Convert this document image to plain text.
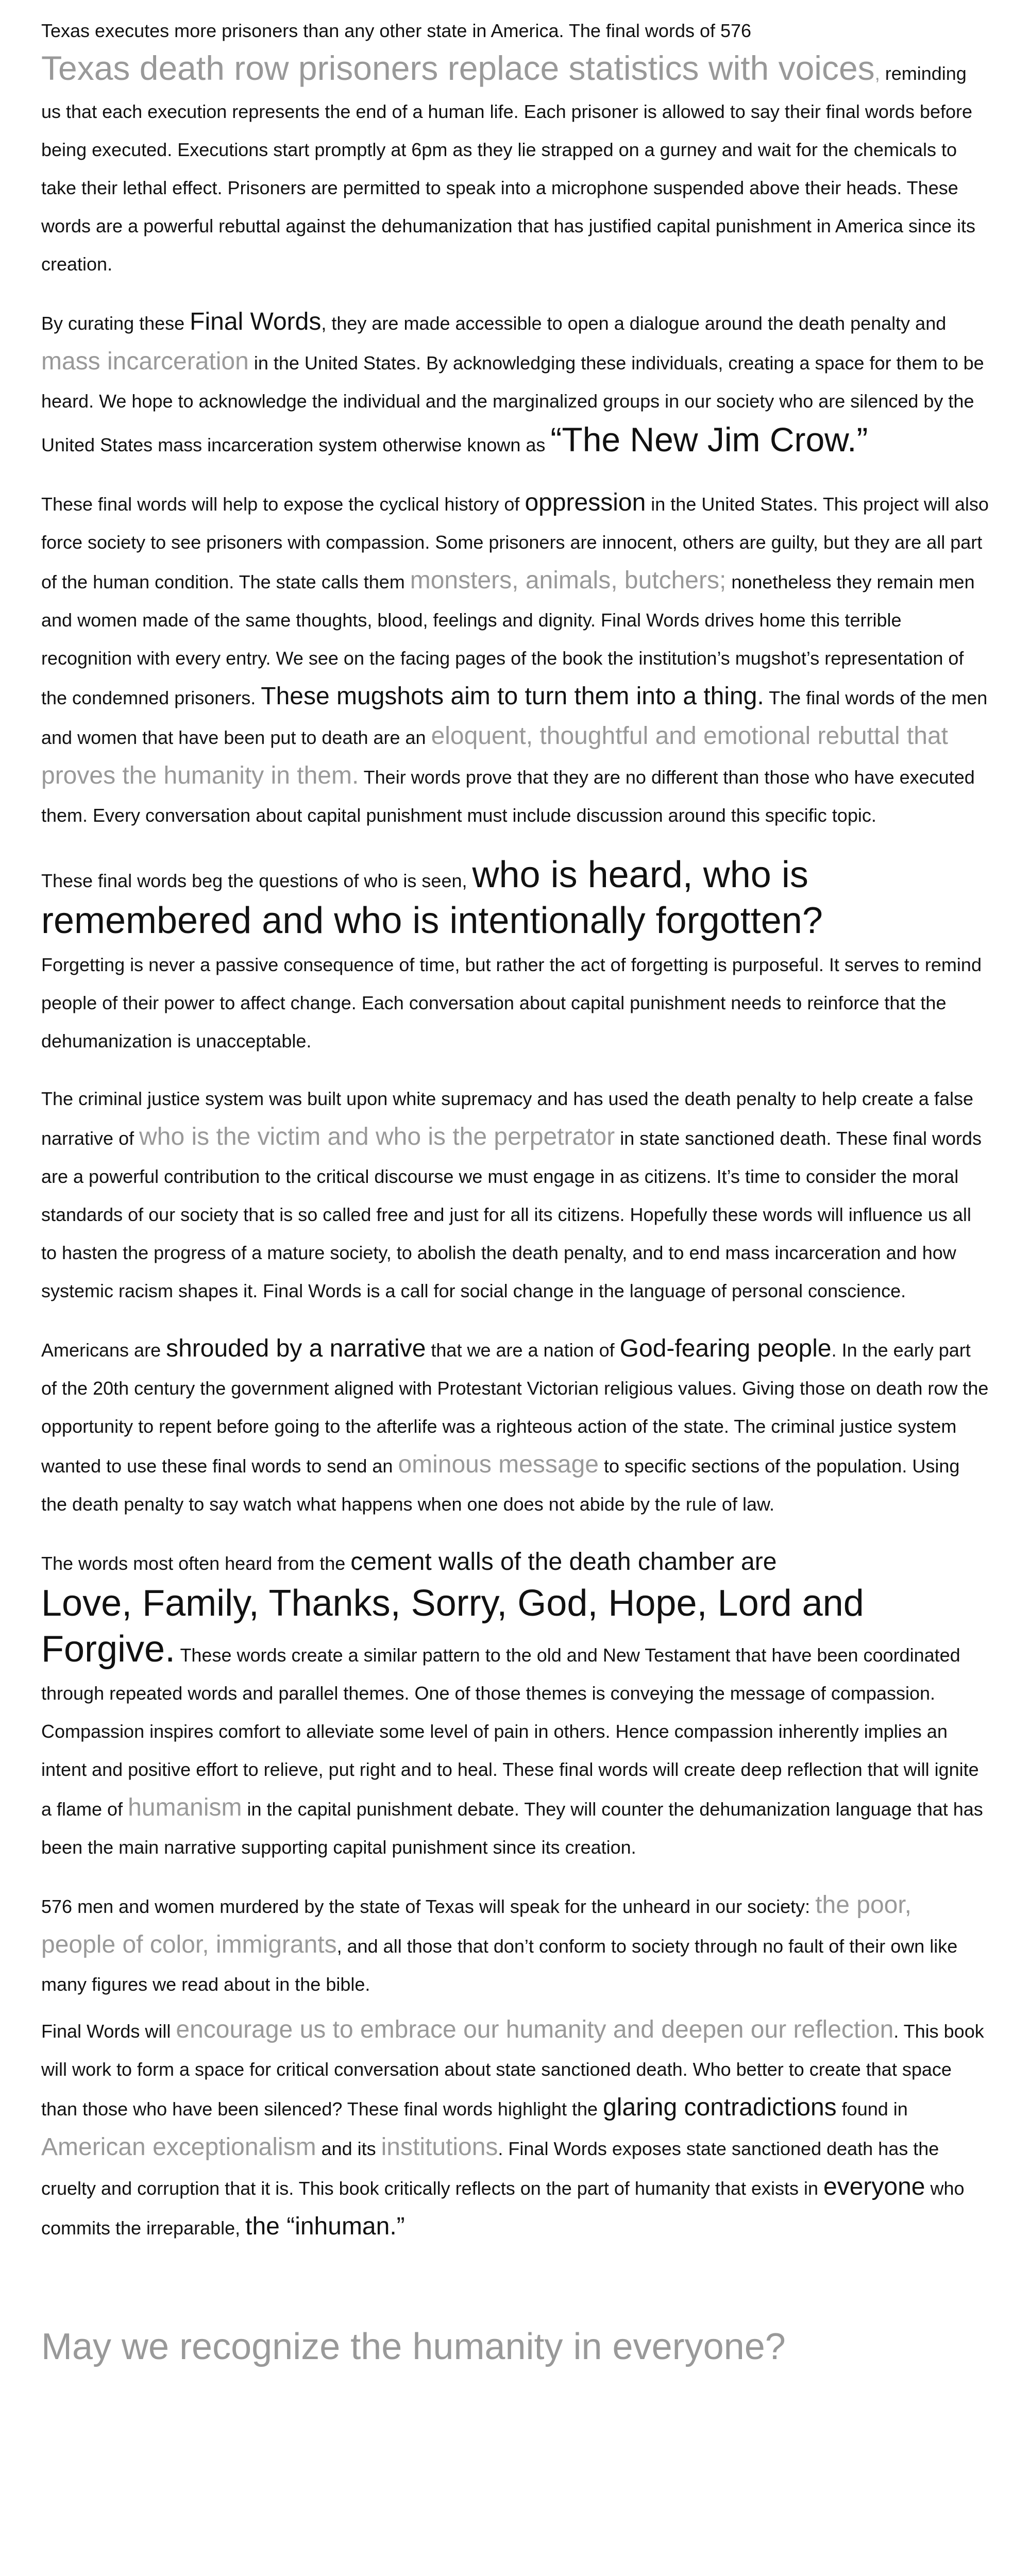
Texas executes more prisoners than any other state in America. The final words of 576

Texas death row prisoners replace statistics with voices, reminding us that each execution represents the end of a human life. Each prisoner is allowed to say their final words before being executed. Executions start promptly at 6pm as they lie strapped on a gurney and wait for the chemicals to take their lethal effect. Prisoners are permitted to speak into a microphone suspended above their heads. These words are a powerful rebuttal against the dehumanization that has justified capital punishment in America since its creation.

By curating these Final Words, they are made accessible to open a dialogue around the death penalty and mass incarceration in the United States. By acknowledging these individuals, creating a space for them to be heard. We hope to acknowledge the individual and the marginalized groups in our society who are silenced by the United States mass incarceration system otherwise known as “The New Jim Crow.”

These final words will help to expose the cyclical history of oppression in the United States. This project will also force society to see prisoners with compassion. Some prisoners are innocent, others are guilty, but they are all part of the human condition. The state calls them monsters, animals, butchers; nonetheless they remain men and women made of the same thoughts, blood, feelings and dignity. Final Words drives home this terrible recognition with every entry. We see on the facing pages of the book the institution’s mugshot’s representation of the condemned prisoners. These mugshots aim to turn them into a thing. The final words of the men and women that have been put to death are an eloquent, thoughtful and emotional rebuttal that proves the humanity in them. Their words prove that they are no different than those who have executed them. Every conversation about capital punishment must include discussion around this specific topic.

These final words beg the questions of who is seen, who is heard, who is remembered and who is intentionally forgotten?
Forgetting is never a passive consequence of time, but rather the act of forgetting is purposeful. It serves to remind people of their power to affect change. Each conversation about capital punishment needs to reinforce that the dehumanization is unacceptable.

The criminal justice system was built upon white supremacy and has used the death penalty to help create a false narrative of who is the victim and who is the perpetrator in state sanctioned death. These final words are a powerful contribution to the critical discourse we must engage in as citizens. It’s time to consider the moral standards of our society that is so called free and just for all its citizens. Hopefully these words will influence us all to hasten the progress of a mature society, to abolish the death penalty, and to end mass incarceration and how systemic racism shapes it. Final Words is a call for social change in the language of personal conscience.

Americans are shrouded by a narrative that we are a nation of God-fearing people. In the early part of the 20th century the government aligned with Protestant Victorian religious values. Giving those on death row the opportunity to repent before going to the afterlife was a righteous action of the state. The criminal justice system wanted to use these final words to send an ominous message to specific sections of the population. Using the death penalty to say watch what happens when one does not abide by the rule of law.

The words most often heard from the cement walls of the death chamber are
Love, Family, Thanks, Sorry, God, Hope, Lord and Forgive. These words create a similar pattern to the old and New Testament that have been coordinated through repeated words and parallel themes. One of those themes is conveying the message of compassion. Compassion inspires comfort to alleviate some level of pain in others. Hence compassion inherently implies an intent and positive effort to relieve, put right and to heal. These final words will create deep reflection that will ignite a flame of humanism in the capital punishment debate. They will counter the dehumanization language that has been the main narrative supporting capital punishment since its creation.

576 men and women murdered by the state of Texas will speak for the unheard in our society: the poor, people of color, immigrants, and all those that don’t conform to society through no fault of their own like many figures we read about in the bible.

Final Words will encourage us to embrace our humanity and deepen our reflection. This book will work to form a space for critical conversation about state sanctioned death. Who better to create that space than those who have been silenced? These final words highlight the glaring contradictions found in American exceptionalism and its institutions. Final Words exposes state sanctioned death has the cruelty and corruption that it is. This book critically reflects on the part of humanity that exists in everyone who commits the irreparable, the “inhuman.”

May we recognize the humanity in everyone?
